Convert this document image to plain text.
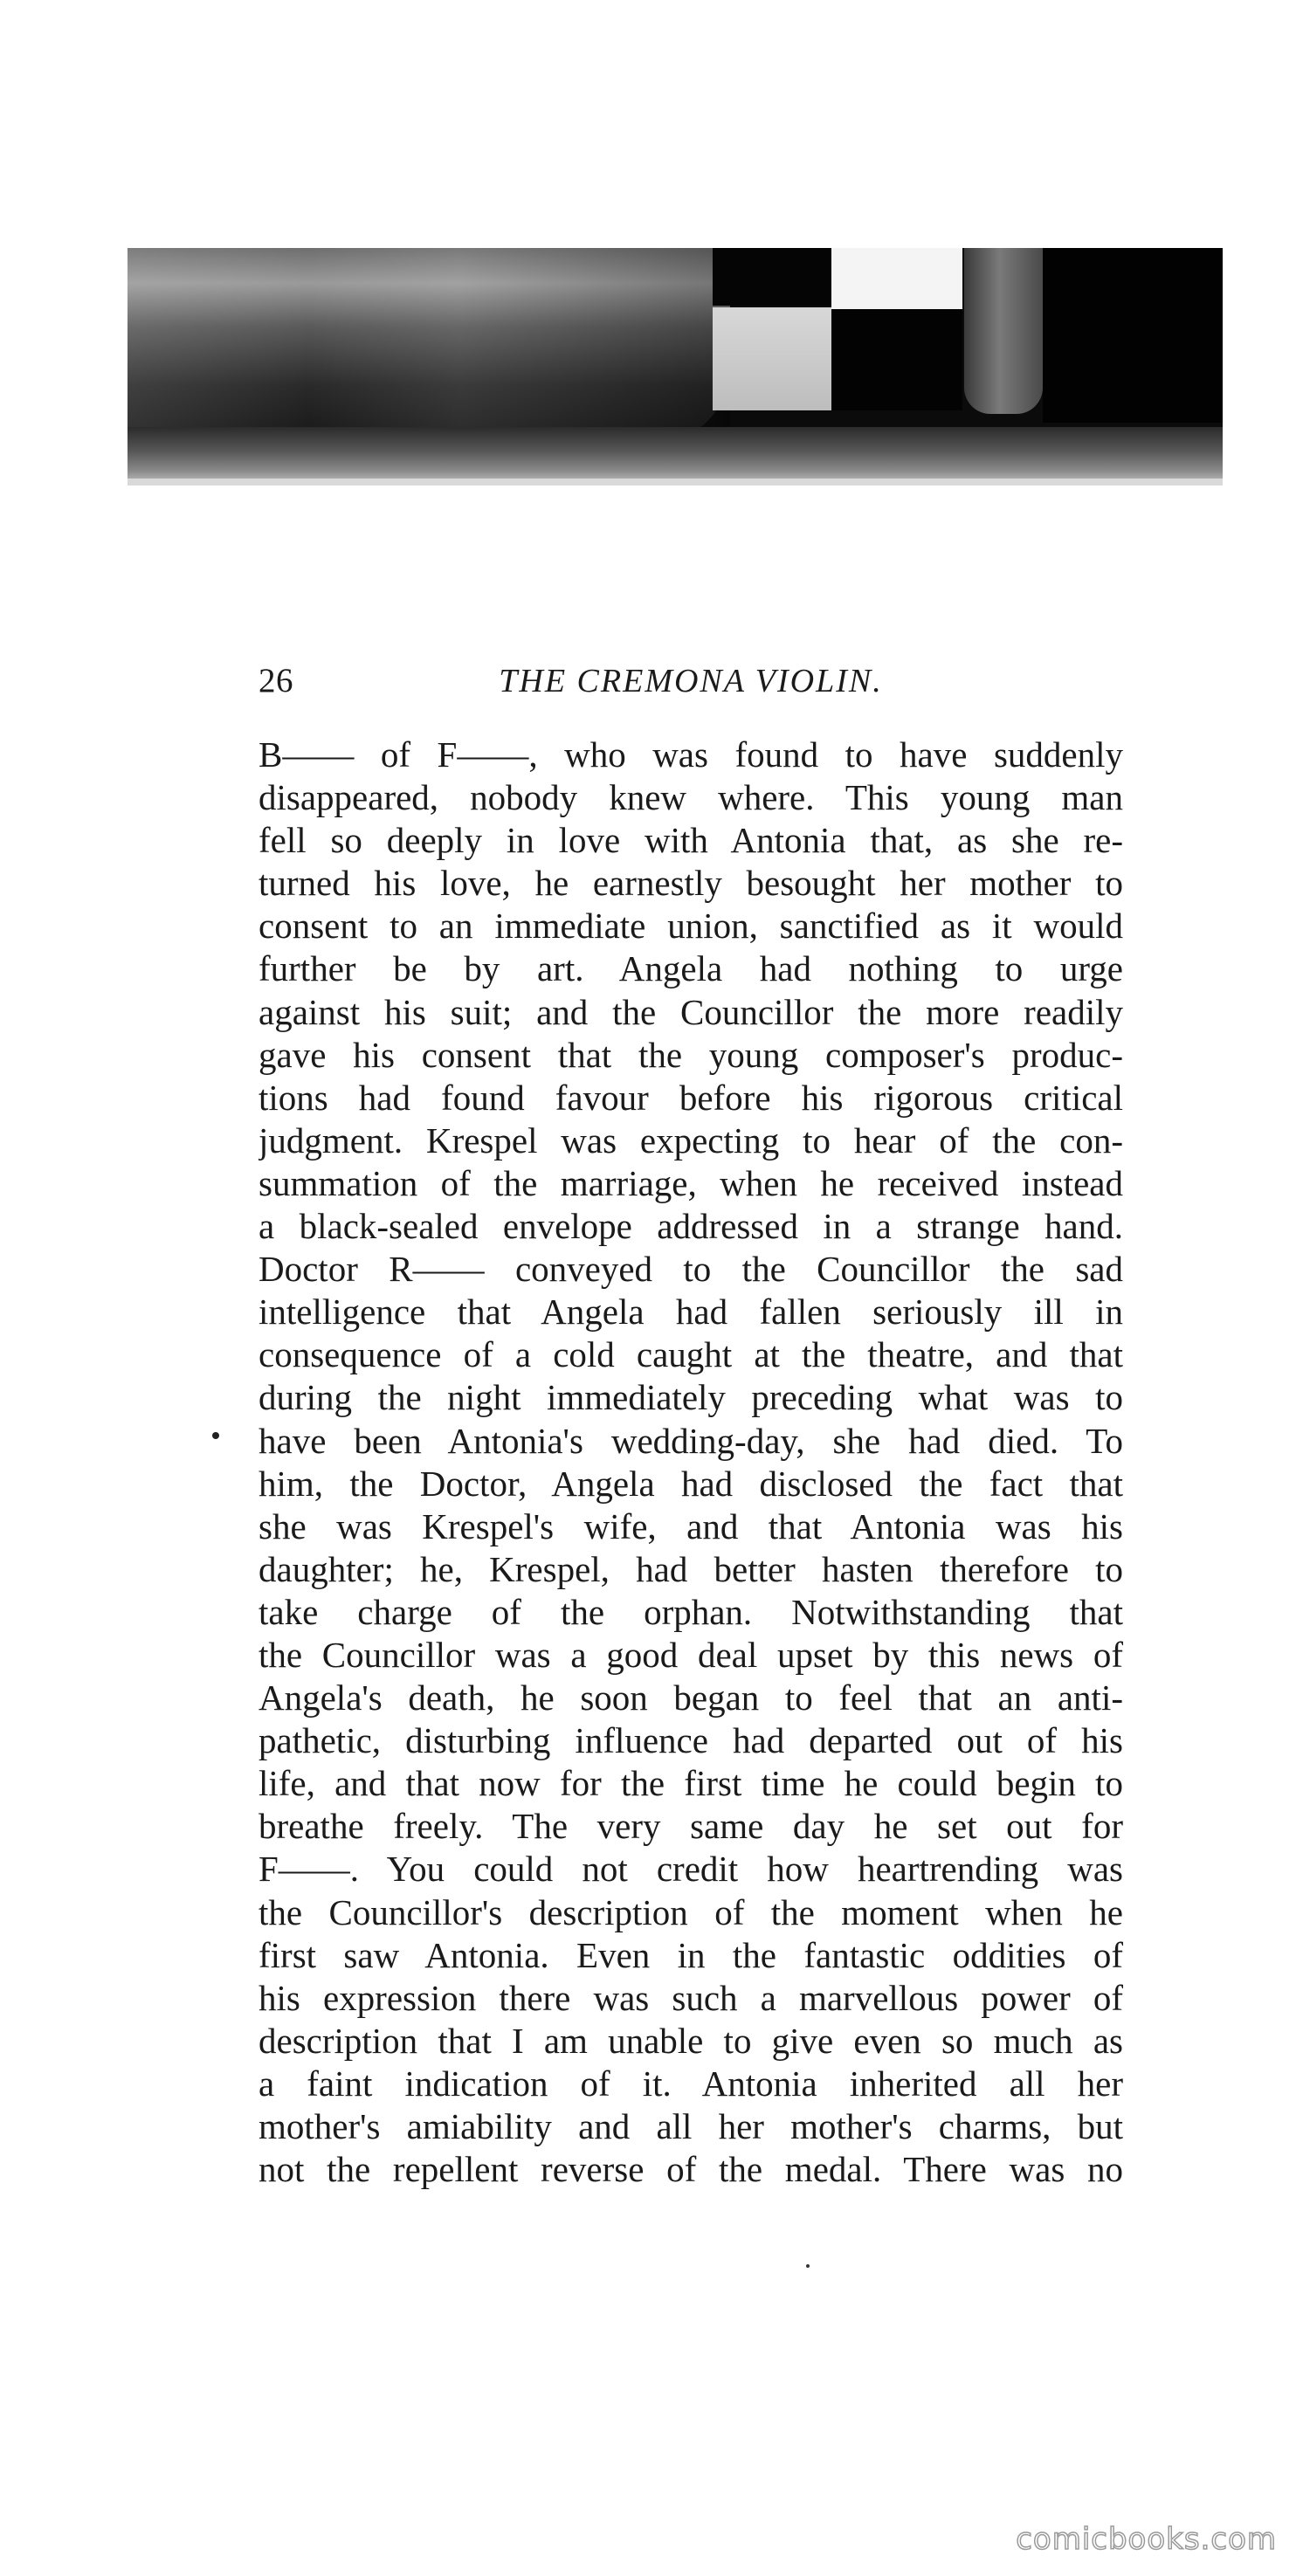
THE CREMONA VIOLIN.
26
B—— of F——, who was found to have suddenly
disappeared, nobody knew where. This young man
fell so deeply in love with Antonia that, as she re-
turned his love, he earnestly besought her mother to
consent to an immediate union, sanctified as it would
further be by art. Angela had nothing to urge
against his suit; and the Councillor the more readily
gave his consent that the young composer's produc-
tions had found favour before his rigorous critical
judgment. Krespel was expecting to hear of the con-
summation of the marriage, when he received instead
a black-sealed envelope addressed in a strange hand.
Doctor R—— conveyed to the Councillor the sad
intelligence that Angela had fallen seriously ill in
consequence of a cold caught at the theatre, and that
during the night immediately preceding what was to
have been Antonia's wedding-day, she had died. To
him, the Doctor, Angela had disclosed the fact that
she was Krespel's wife, and that Antonia was his
daughter; he, Krespel, had better hasten therefore to
take charge of the orphan. Notwithstanding that
the Councillor was a good deal upset by this news of
Angela's death, he soon began to feel that an anti-
pathetic, disturbing influence had departed out of his
life, and that now for the first time he could begin to
breathe freely. The very same day he set out for
F——. You could not credit how heartrending was
the Councillor's description of the moment when he
first saw Antonia. Even in the fantastic oddities of
his expression there was such a marvellous power of
description that I am unable to give even so much as
a faint indication of it. Antonia inherited all her
mother's amiability and all her mother's charms, but
not the repellent reverse of the medal. There was no
comicbooks.com
